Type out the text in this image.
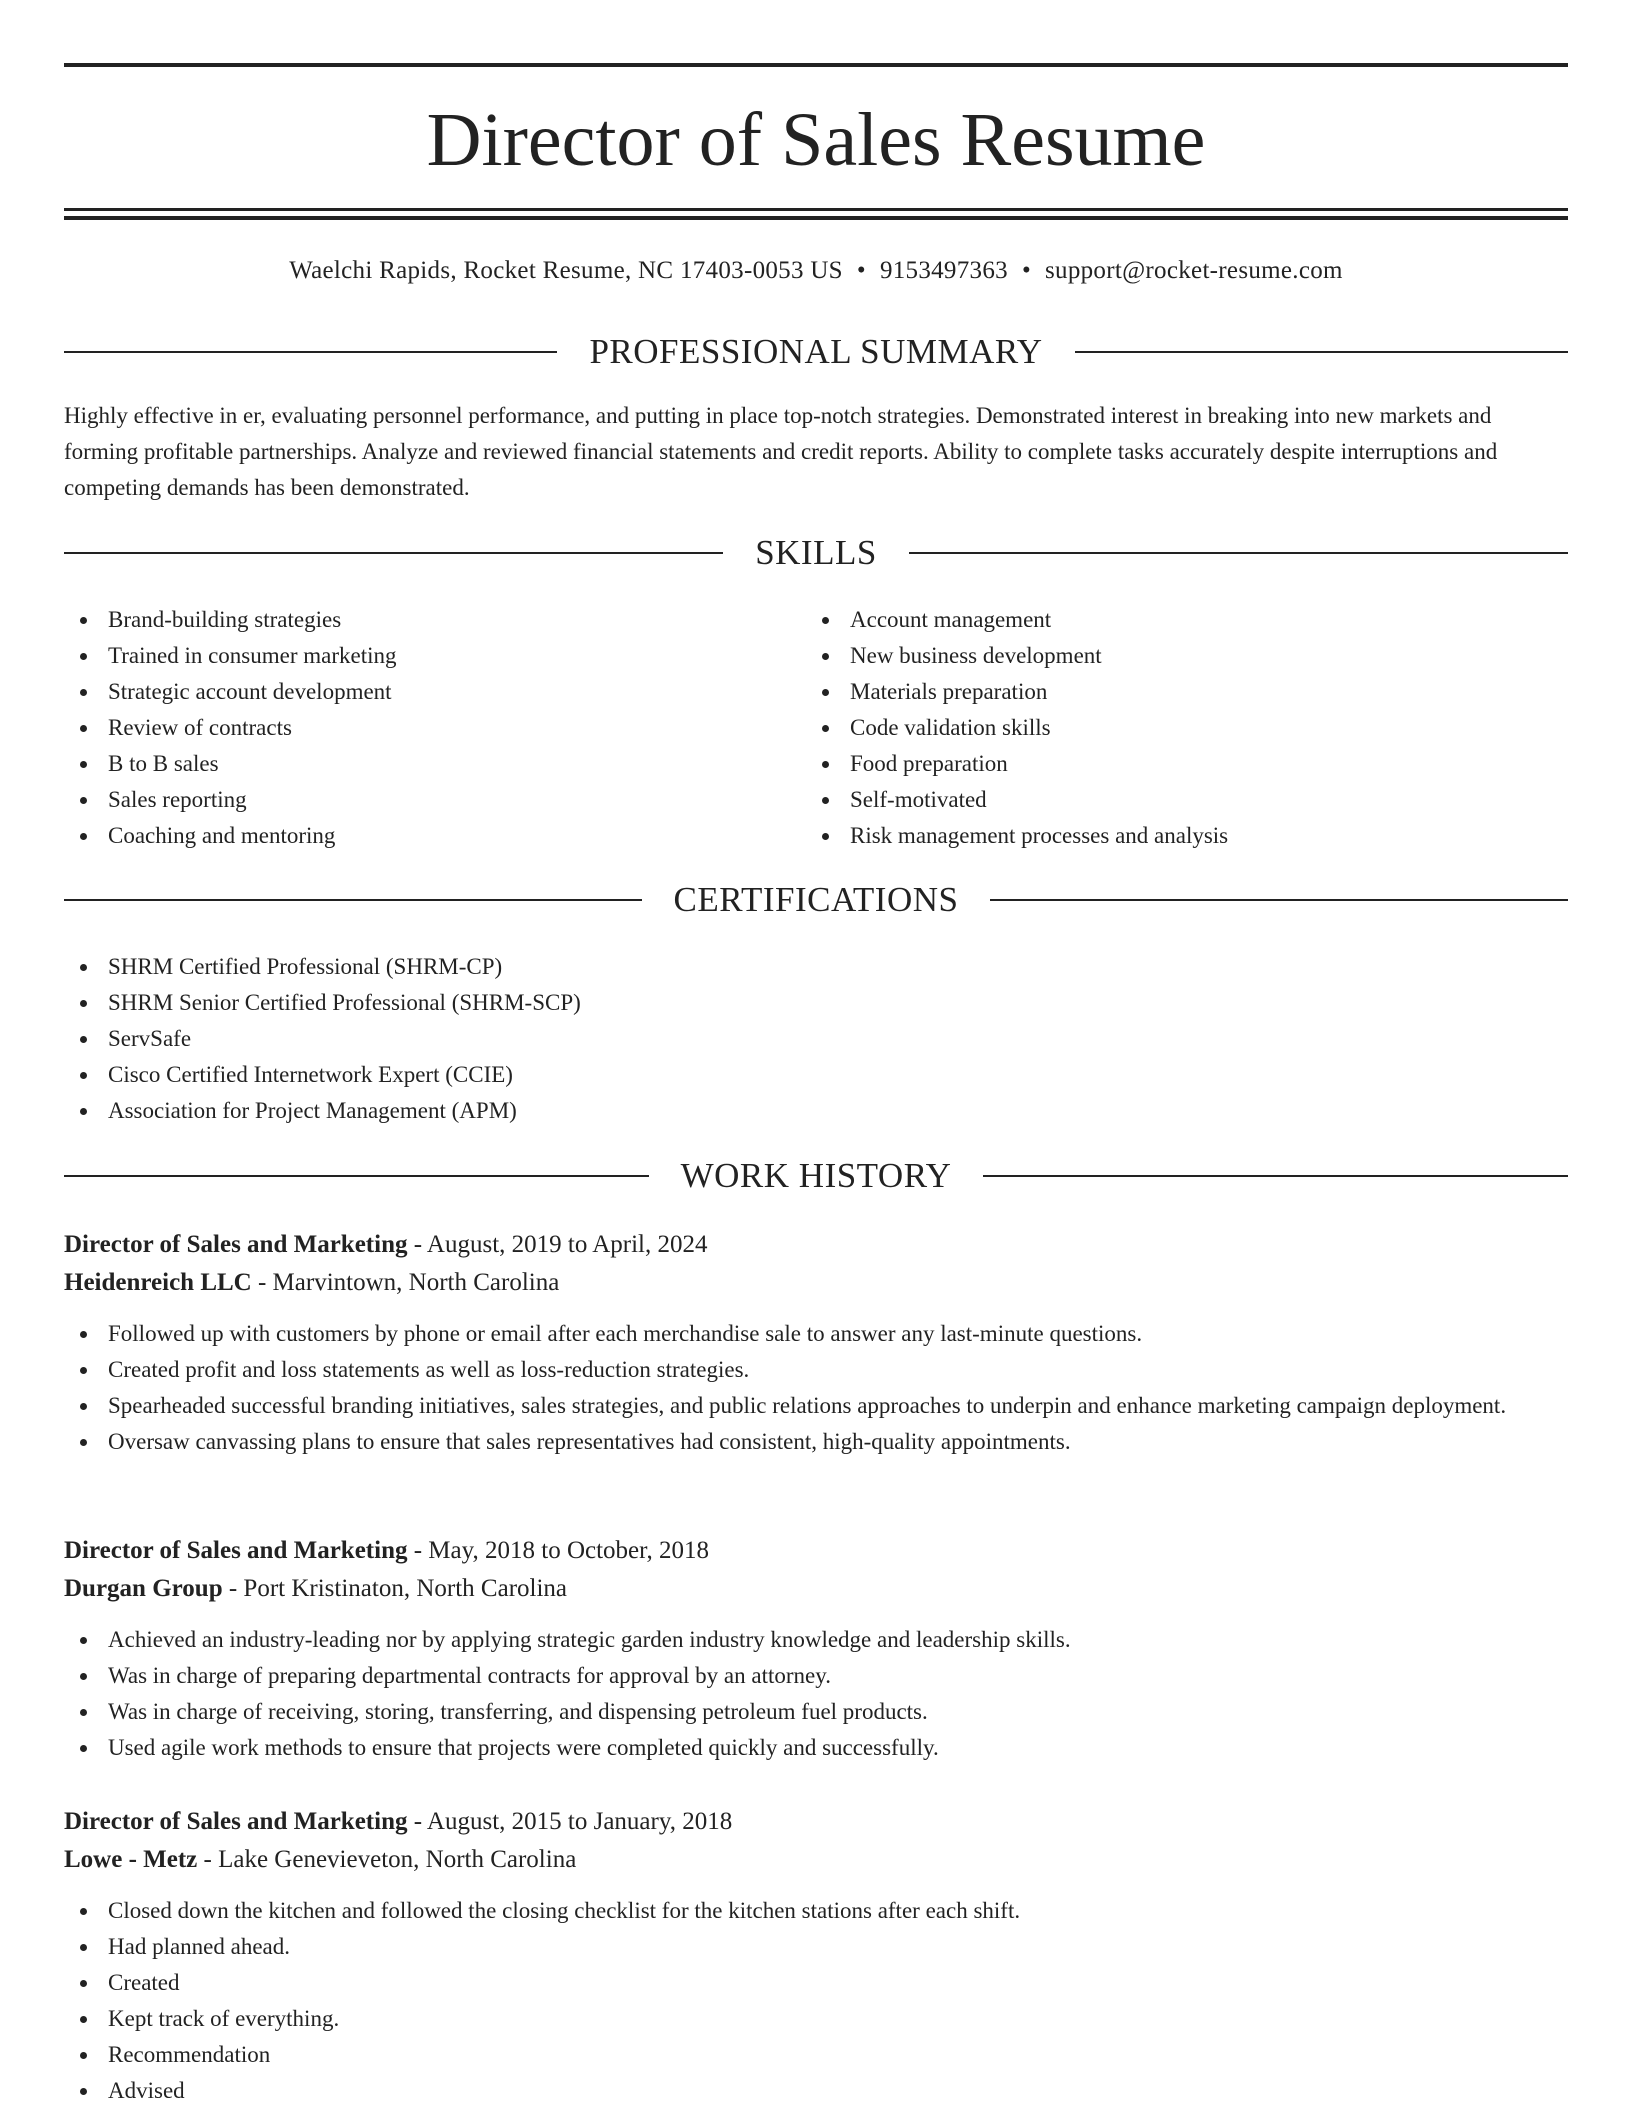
Director of Sales Resume
Waelchi Rapids, Rocket Resume, NC 17403-0053 US • 9153497363 • support@rocket-resume.com
PROFESSIONAL SUMMARY

Highly effective in er, evaluating personnel performance, and putting in place top-notch strategies. Demonstrated interest in breaking into new markets and forming profitable partnerships. Analyze and reviewed financial statements and credit reports. Ability to complete tasks accurately despite interruptions and competing demands has been demonstrated.

SKILLS
Brand-building strategies
Trained in consumer marketing
Strategic account development
Review of contracts
B to B sales
Sales reporting
Coaching and mentoring
Account management
New business development
Materials preparation
Code validation skills
Food preparation
Self-motivated
Risk management processes and analysis
CERTIFICATIONS
SHRM Certified Professional (SHRM-CP)
SHRM Senior Certified Professional (SHRM-SCP)
ServSafe
Cisco Certified Internetwork Expert (CCIE)
Association for Project Management (APM)
WORK HISTORY
Director of Sales and Marketing - August, 2019 to April, 2024
Heidenreich LLC - Marvintown, North Carolina
Followed up with customers by phone or email after each merchandise sale to answer any last-minute questions.
Created profit and loss statements as well as loss-reduction strategies.
Spearheaded successful branding initiatives, sales strategies, and public relations approaches to underpin and enhance marketing campaign deployment.
Oversaw canvassing plans to ensure that sales representatives had consistent, high-quality appointments.
Director of Sales and Marketing - May, 2018 to October, 2018
Durgan Group - Port Kristinaton, North Carolina
Achieved an industry-leading nor by applying strategic garden industry knowledge and leadership skills.
Was in charge of preparing departmental contracts for approval by an attorney.
Was in charge of receiving, storing, transferring, and dispensing petroleum fuel products.
Used agile work methods to ensure that projects were completed quickly and successfully.
Director of Sales and Marketing - August, 2015 to January, 2018
Lowe - Metz - Lake Genevieveton, North Carolina
Closed down the kitchen and followed the closing checklist for the kitchen stations after each shift.
Had planned ahead.
Created
Kept track of everything.
Recommendation
Advised
